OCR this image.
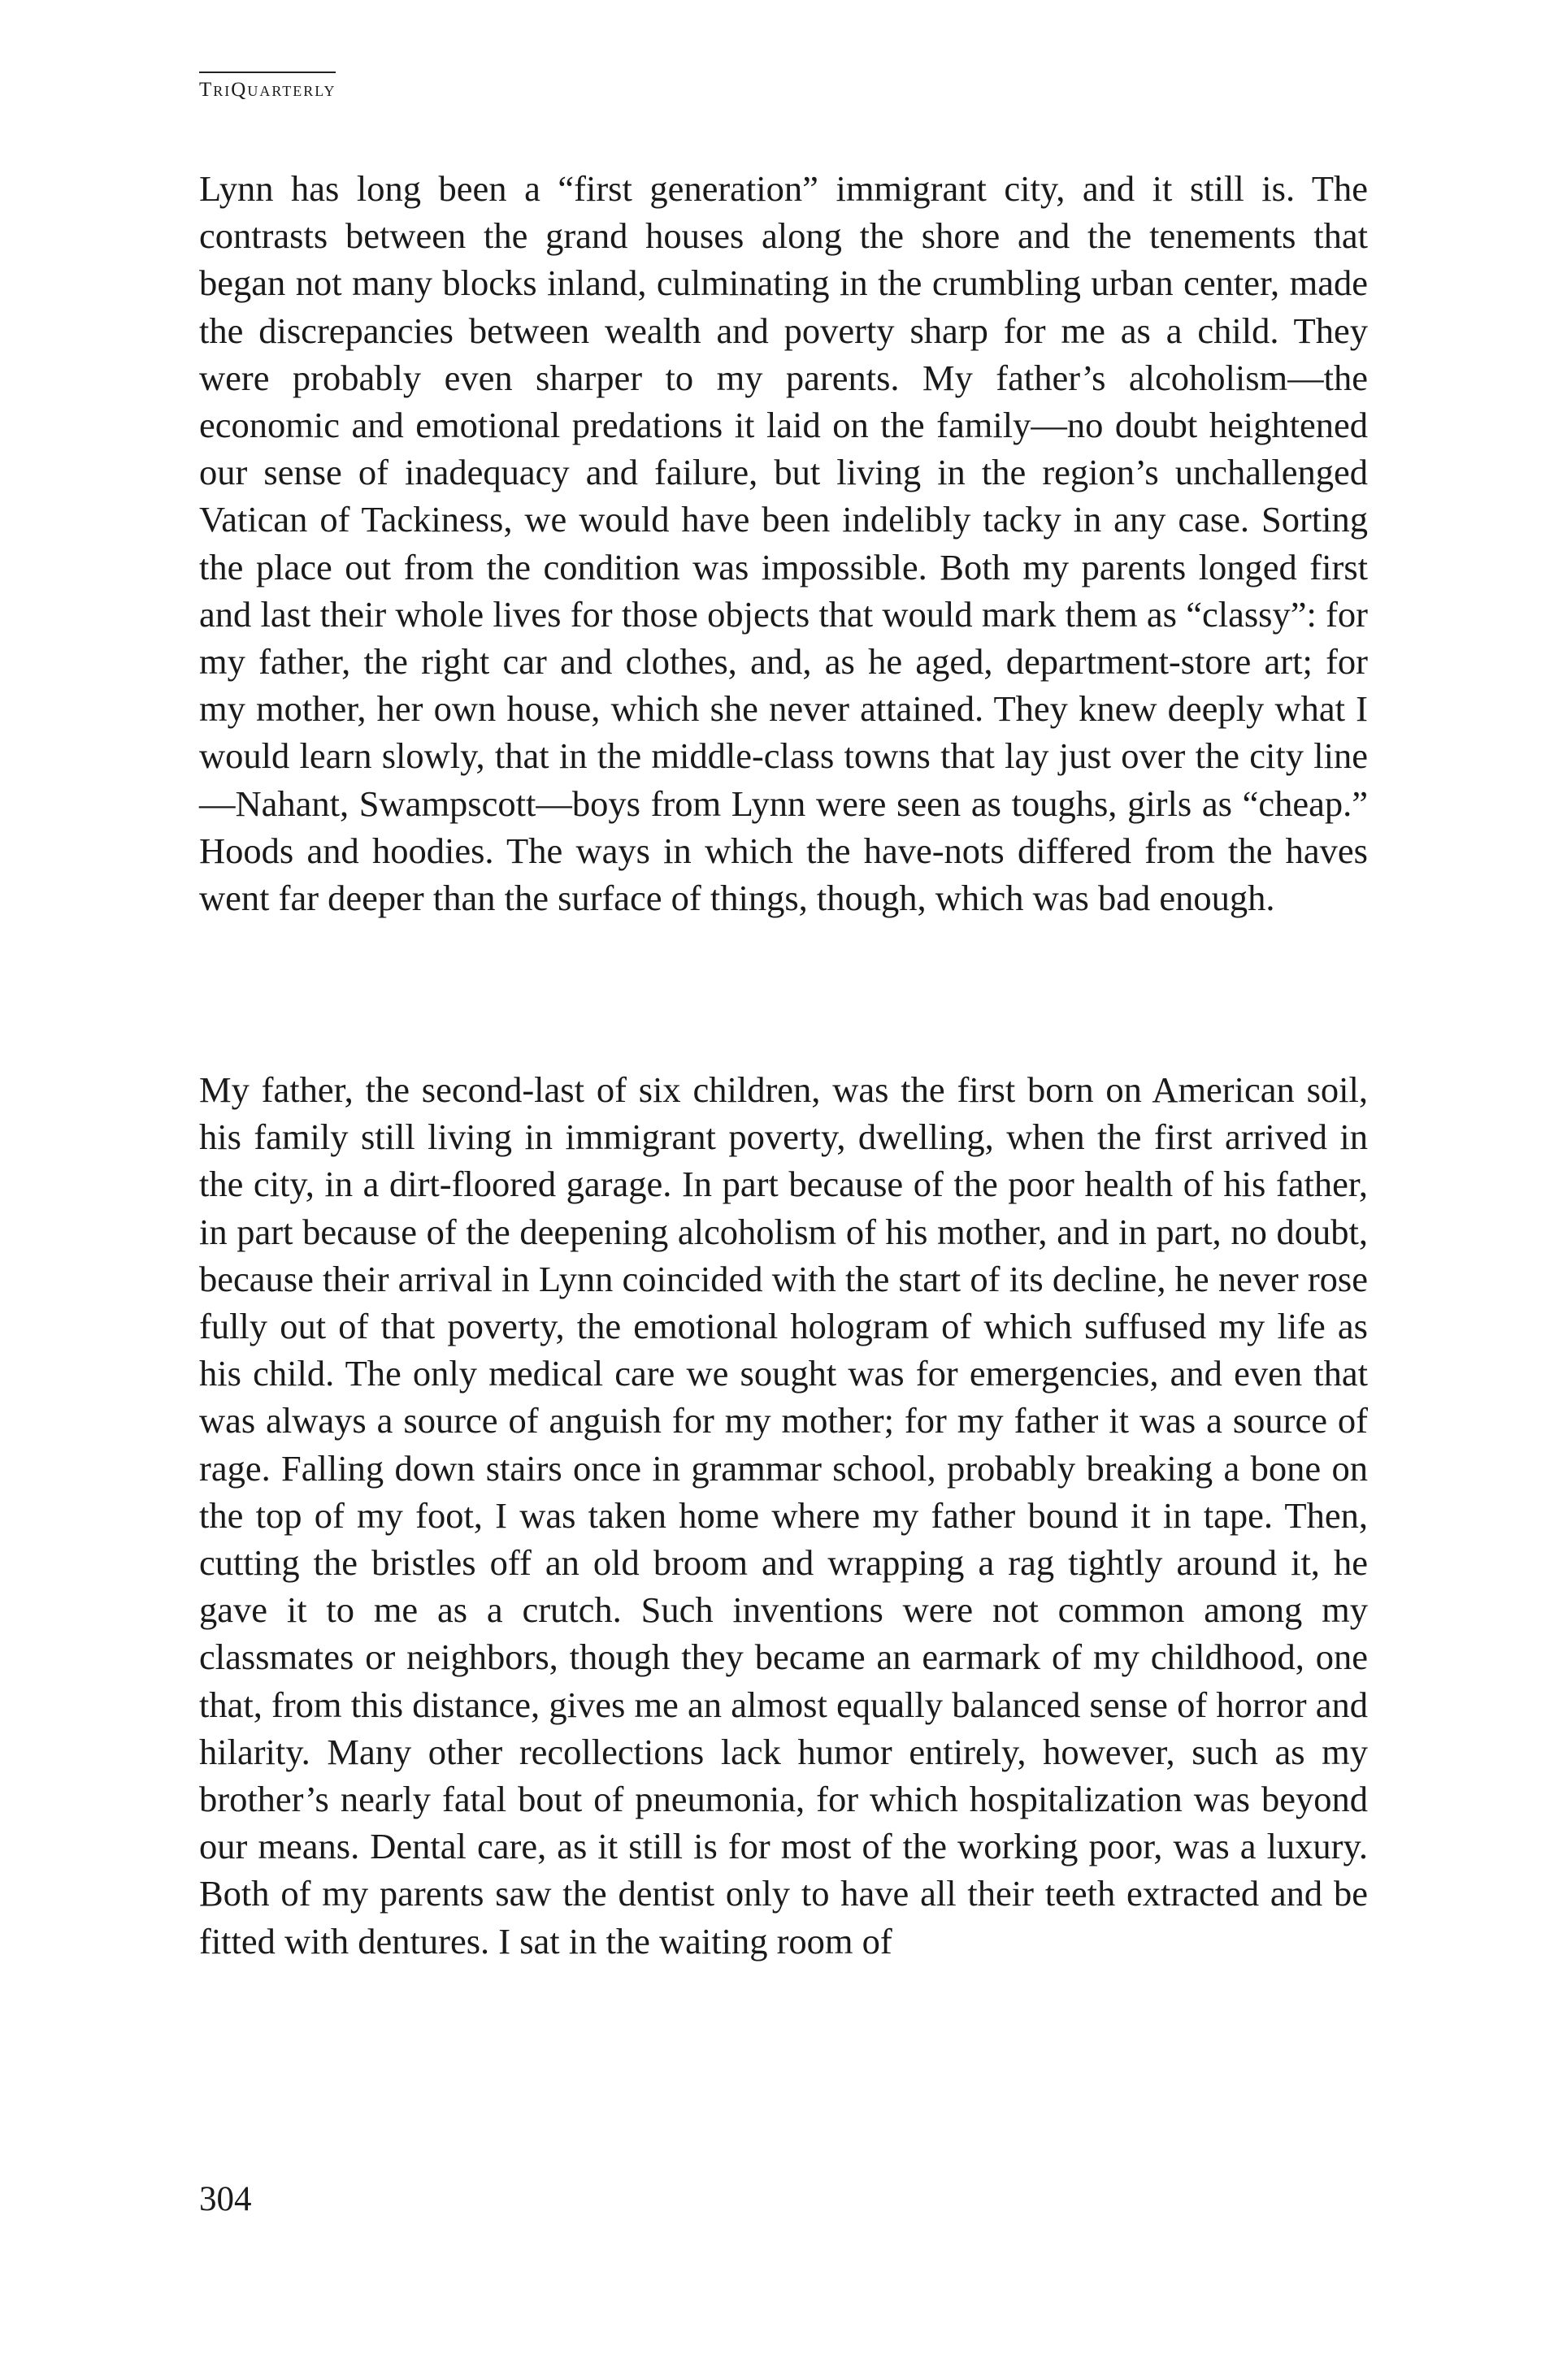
TriQuarterly

Lynn has long been a “first generation” immigrant city, and it still is. The contrasts between the grand houses along the shore and the tenements that began not many blocks inland, culminating in the crumbling urban center, made the discrepancies between wealth and poverty sharp for me as a child. They were probably even sharper to my parents. My father’s alcoholism—the economic and emotional predations it laid on the family—no doubt heightened our sense of inadequacy and failure, but living in the region’s unchallenged Vatican of Tackiness, we would have been indelibly tacky in any case. Sorting the place out from the condition was impossible. Both my parents longed first and last their whole lives for those objects that would mark them as “classy”: for my father, the right car and clothes, and, as he aged, department-store art; for my mother, her own house, which she never attained. They knew deeply what I would learn slowly, that in the middle-class towns that lay just over the city line—Nahant, Swampscott—boys from Lynn were seen as toughs, girls as “cheap.” Hoods and hoodies. The ways in which the have-nots differed from the haves went far deeper than the surface of things, though, which was bad enough.

My father, the second-last of six children, was the first born on American soil, his family still living in immigrant poverty, dwelling, when the first arrived in the city, in a dirt-floored garage. In part because of the poor health of his father, in part because of the deepening alcoholism of his mother, and in part, no doubt, because their arrival in Lynn coincided with the start of its decline, he never rose fully out of that poverty, the emotional hologram of which suffused my life as his child. The only medical care we sought was for emergencies, and even that was always a source of anguish for my mother; for my father it was a source of rage. Falling down stairs once in grammar school, probably breaking a bone on the top of my foot, I was taken home where my father bound it in tape. Then, cutting the bristles off an old broom and wrapping a rag tightly around it, he gave it to me as a crutch. Such inventions were not common among my classmates or neighbors, though they became an earmark of my childhood, one that, from this distance, gives me an almost equally balanced sense of horror and hilarity. Many other recollections lack humor entirely, however, such as my brother’s nearly fatal bout of pneumonia, for which hospitalization was beyond our means. Dental care, as it still is for most of the working poor, was a luxury. Both of my parents saw the dentist only to have all their teeth extracted and be fitted with dentures. I sat in the waiting room of

304
